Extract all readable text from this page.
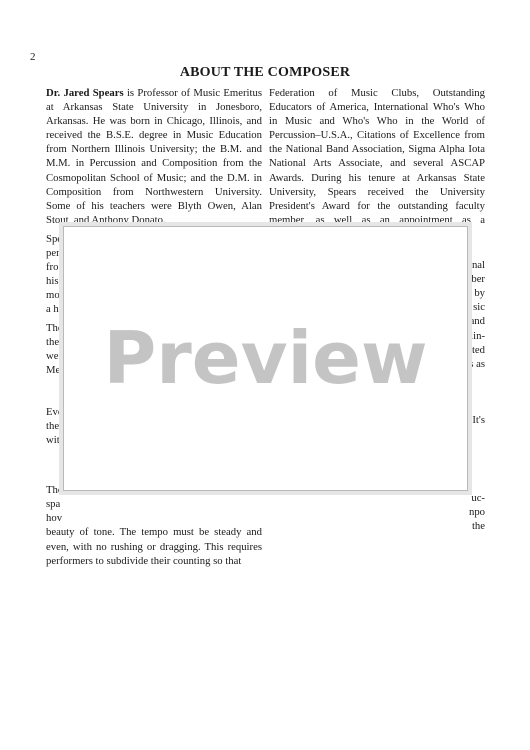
2
ABOUT THE COMPOSER

Dr. Jared Spears is Professor of Music Emeritus at Arkansas State University in Jonesboro, Arkansas. He was born in Chicago, Illinois, and received the B.S.E. degree in Music Education from Northern Illinois University; the B.M. and M.M. in Percussion and Composition from the Cosmopolitan School of Music; and the D.M. in Composition from Northwestern University. Some of his teachers were Blyth Owen, Alan Stout, and Anthony Donato.

Spe
per
fro
his
mo
a h
The
the
we
Me
Eve
the
wit
The
spa
hov

beauty of tone. The tempo must be steady and even, with no rushing or dragging. This requires performers to subdivide their counting so that

Federation of Music Clubs, Outstanding Educators of America, International Who's Who in Music and Who's Who in the World of Percussion–U.S.A., Citations of Excellence from the National Band Association, Sigma Alpha Iota National Arts Associate, and several ASCAP Awards. During his tenure at Arkansas State University, Spears received the University President's Award for the outstanding faculty member, as well as an appointment as a

nal
ber
by
sic
and
lin-
ted
s as
It's
uc-
npo
the

Preview
